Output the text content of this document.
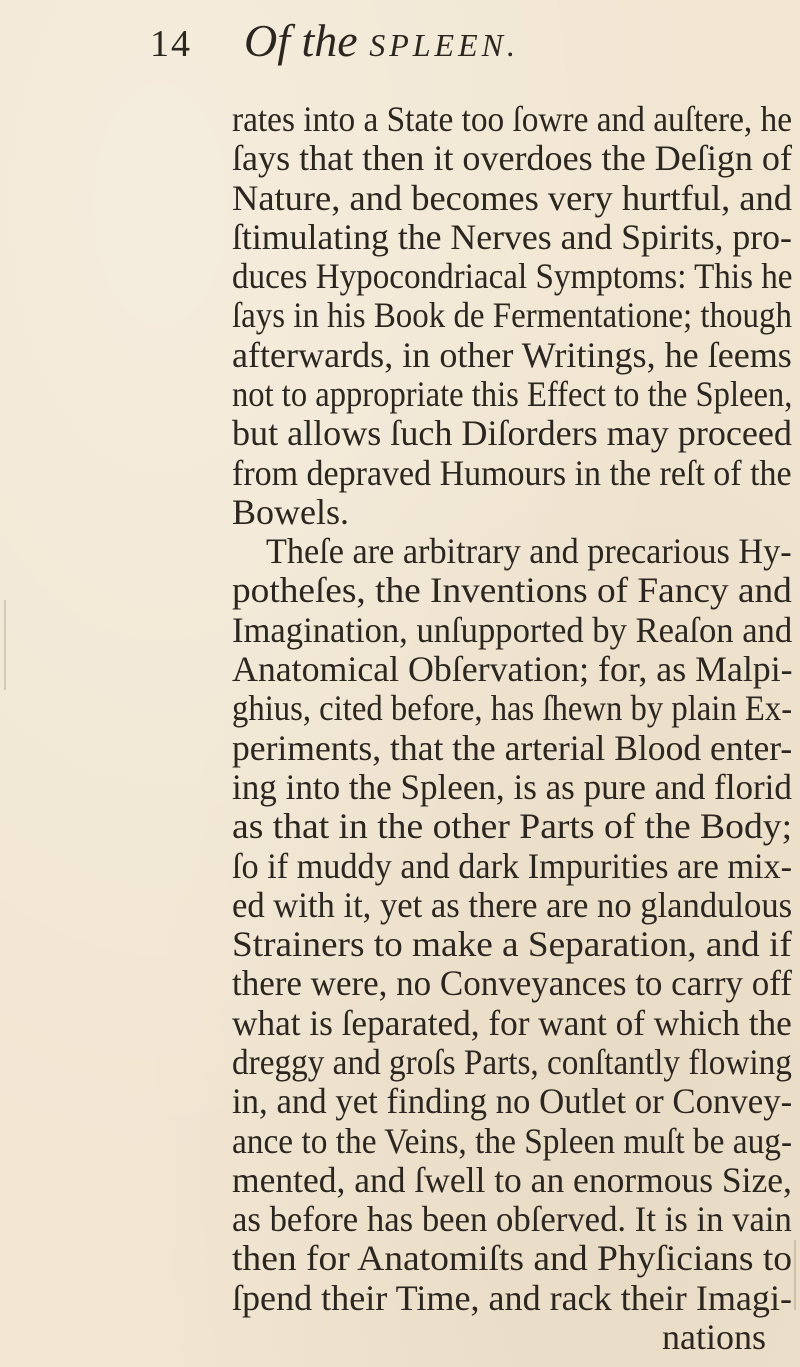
14 Of the SPLEEN.
rates into a State too ſowre and auſtere, he
ſays that then it overdoes the Deſign of
Nature, and becomes very hurtful, and
ſtimulating the Nerves and Spirits, pro-
duces Hypocondriacal Symptoms: This he
ſays in his Book de Fermentatione; though
afterwards, in other Writings, he ſeems
not to appropriate this Effect to the Spleen,
but allows ſuch Diſorders may proceed
from depraved Humours in the reſt of the
Bowels.
Theſe are arbitrary and precarious Hy-
potheſes, the Inventions of Fancy and
Imagination, unſupported by Reaſon and
Anatomical Obſervation; for, as Malpi-
ghius, cited before, has ſhewn by plain Ex-
periments, that the arterial Blood enter-
ing into the Spleen, is as pure and florid
as that in the other Parts of the Body;
ſo if muddy and dark Impurities are mix-
ed with it, yet as there are no glandulous
Strainers to make a Separation, and if
there were, no Conveyances to carry off
what is ſeparated, for want of which the
dreggy and groſs Parts, conſtantly flowing
in, and yet finding no Outlet or Convey-
ance to the Veins, the Spleen muſt be aug-
mented, and ſwell to an enormous Size,
as before has been obſerved. It is in vain
then for Anatomiſts and Phyſicians to
ſpend their Time, and rack their Imagi-
nations
